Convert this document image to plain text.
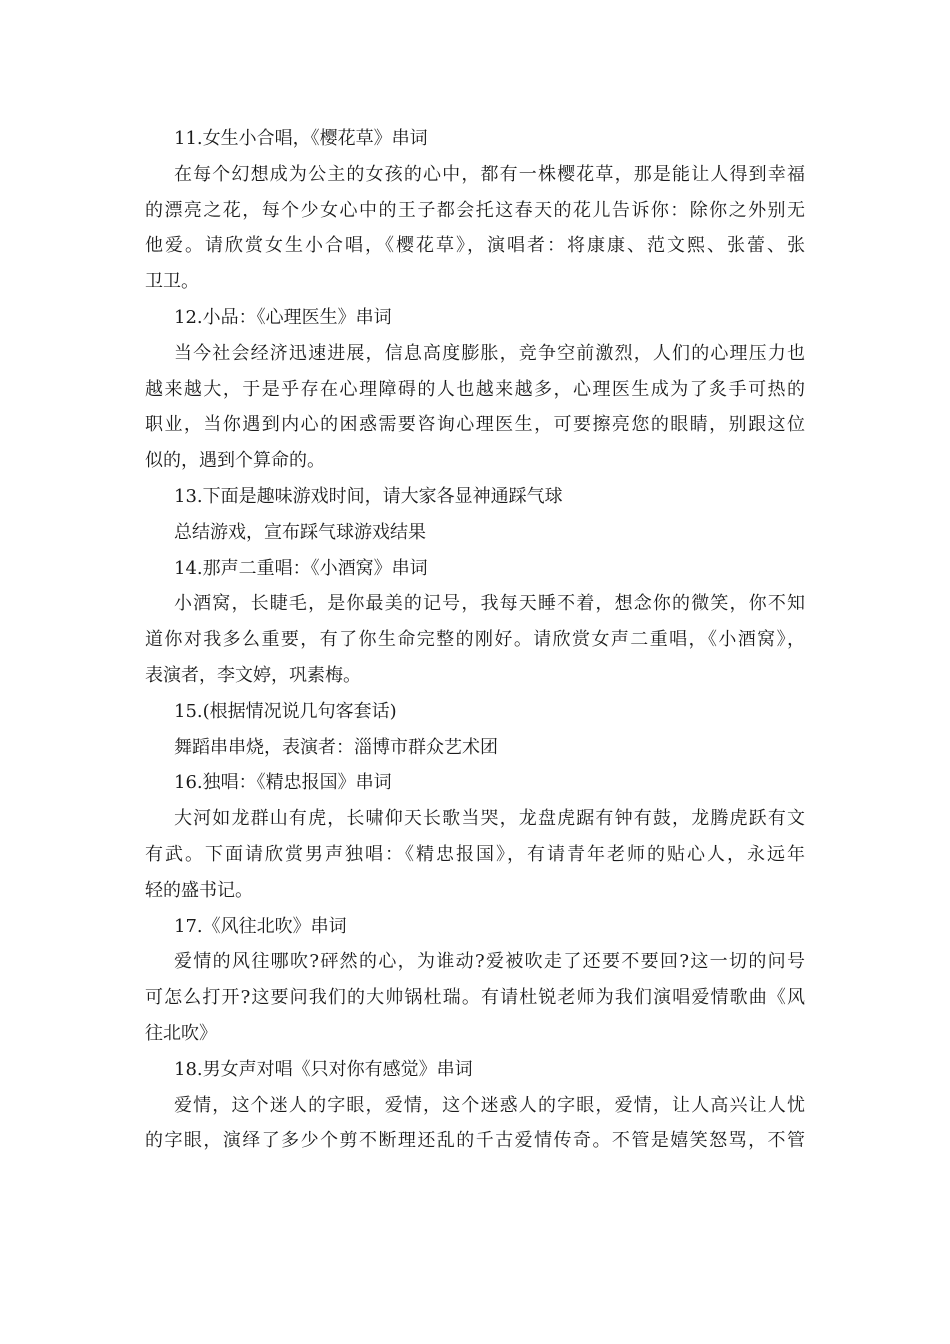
11.女生小合唱，《樱花草》串词

在每个幻想成为公主的女孩的心中，都有一株樱花草，那是能让人得到幸福

的漂亮之花，每个少女心中的王子都会托这春天的花儿告诉你：除你之外别无

他爱。请欣赏女生小合唱，《樱花草》，演唱者：将康康、范文熙、张蕾、张

卫卫。

12.小品：《心理医生》串词

当今社会经济迅速进展，信息高度膨胀，竞争空前激烈，人们的心理压力也

越来越大，于是乎存在心理障碍的人也越来越多，心理医生成为了炙手可热的

职业，当你遇到内心的困惑需要咨询心理医生，可要擦亮您的眼睛，别跟这位

似的，遇到个算命的。

13.下面是趣味游戏时间，请大家各显神通踩气球

总结游戏，宣布踩气球游戏结果

14.那声二重唱：《小酒窝》串词

小酒窝，长睫毛，是你最美的记号，我每天睡不着，想念你的微笑，你不知

道你对我多么重要，有了你生命完整的刚好。请欣赏女声二重唱，《小酒窝》，

表演者，李文婷，巩素梅。

15.(根据情况说几句客套话)

舞蹈串串烧，表演者：淄博市群众艺术团

16.独唱：《精忠报国》串词

大河如龙群山有虎，长啸仰天长歌当哭，龙盘虎踞有钟有鼓，龙腾虎跃有文

有武。下面请欣赏男声独唱：《精忠报国》，有请青年老师的贴心人，永远年

轻的盛书记。

17.《风往北吹》串词

爱情的风往哪吹?砰然的心，为谁动?爱被吹走了还要不要回?这一切的问号

可怎么打开?这要问我们的大帅锅杜瑞。有请杜锐老师为我们演唱爱情歌曲《风

往北吹》

18.男女声对唱《只对你有感觉》串词

爱情，这个迷人的字眼，爱情，这个迷惑人的字眼，爱情，让人高兴让人忧

的字眼，演绎了多少个剪不断理还乱的千古爱情传奇。不管是嬉笑怒骂，不管
